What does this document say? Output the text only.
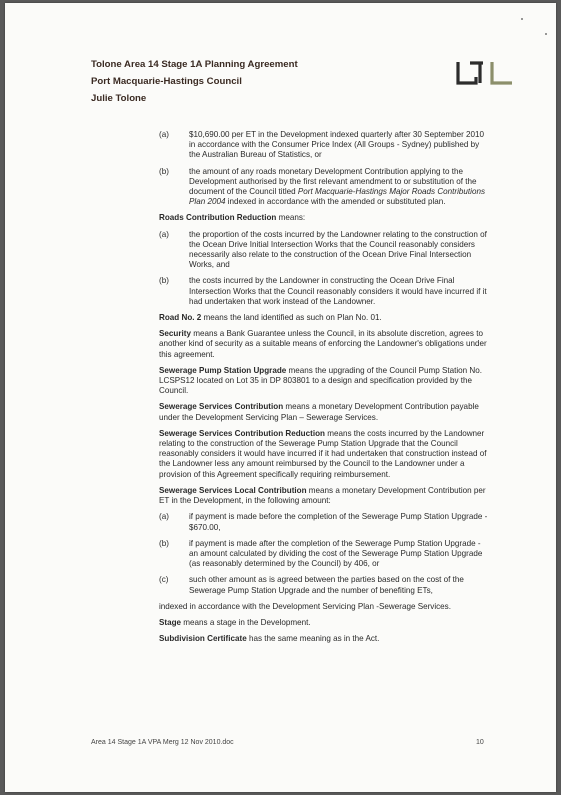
Tolone Area 14 Stage 1A Planning Agreement
Port Macquarie-Hastings Council
Julie Tolone
(a)	$10,690.00 per ET in the Development indexed quarterly after 30 September 2010 in accordance with the Consumer Price Index (All Groups - Sydney) published by the Australian Bureau of Statistics, or
(b)	the amount of any roads monetary Development Contribution applying to the Development authorised by the first relevant amendment to or substitution of the document of the Council titled Port Macquarie-Hastings Major Roads Contributions Plan 2004 indexed in accordance with the amended or substituted plan.

Roads Contribution Reduction means:

(a)	the proportion of the costs incurred by the Landowner relating to the construction of the Ocean Drive Initial Intersection Works that the Council reasonably considers necessarily also relate to the construction of the Ocean Drive Final Intersection Works, and
(b)	the costs incurred by the Landowner in constructing the Ocean Drive Final Intersection Works that the Council reasonably considers it would have incurred if it had undertaken that work instead of the Landowner.

Road No. 2 means the land identified as such on Plan No. 01.

Security means a Bank Guarantee unless the Council, in its absolute discretion, agrees to another kind of security as a suitable means of enforcing the Landowner's obligations under this agreement.

Sewerage Pump Station Upgrade means the upgrading of the Council Pump Station No. LCSPS12 located on Lot 35 in DP 803801 to a design and specification provided by the Council.

Sewerage Services Contribution means a monetary Development Contribution payable under the Development Servicing Plan – Sewerage Services.

Sewerage Services Contribution Reduction means the costs incurred by the Landowner relating to the construction of the Sewerage Pump Station Upgrade that the Council reasonably considers it would have incurred if it had undertaken that construction instead of the Landowner less any amount reimbursed by the Council to the Landowner under a provision of this Agreement specifically requiring reimbursement.

Sewerage Services Local Contribution means a monetary Development Contribution per ET in the Development, in the following amount:

(a)	if payment is made before the completion of the Sewerage Pump Station Upgrade - $670.00,
(b)	if payment is made after the completion of the Sewerage Pump Station Upgrade - an amount calculated by dividing the cost of the Sewerage Pump Station Upgrade (as reasonably determined by the Council) by 406, or
(c)	such other amount as is agreed between the parties based on the cost of the Sewerage Pump Station Upgrade and the number of benefiting ETs,

indexed in accordance with the Development Servicing Plan -Sewerage Services.

Stage means a stage in the Development.

Subdivision Certificate has the same meaning as in the Act.

Area 14 Stage 1A VPA Merg 12 Nov 2010.doc	10
